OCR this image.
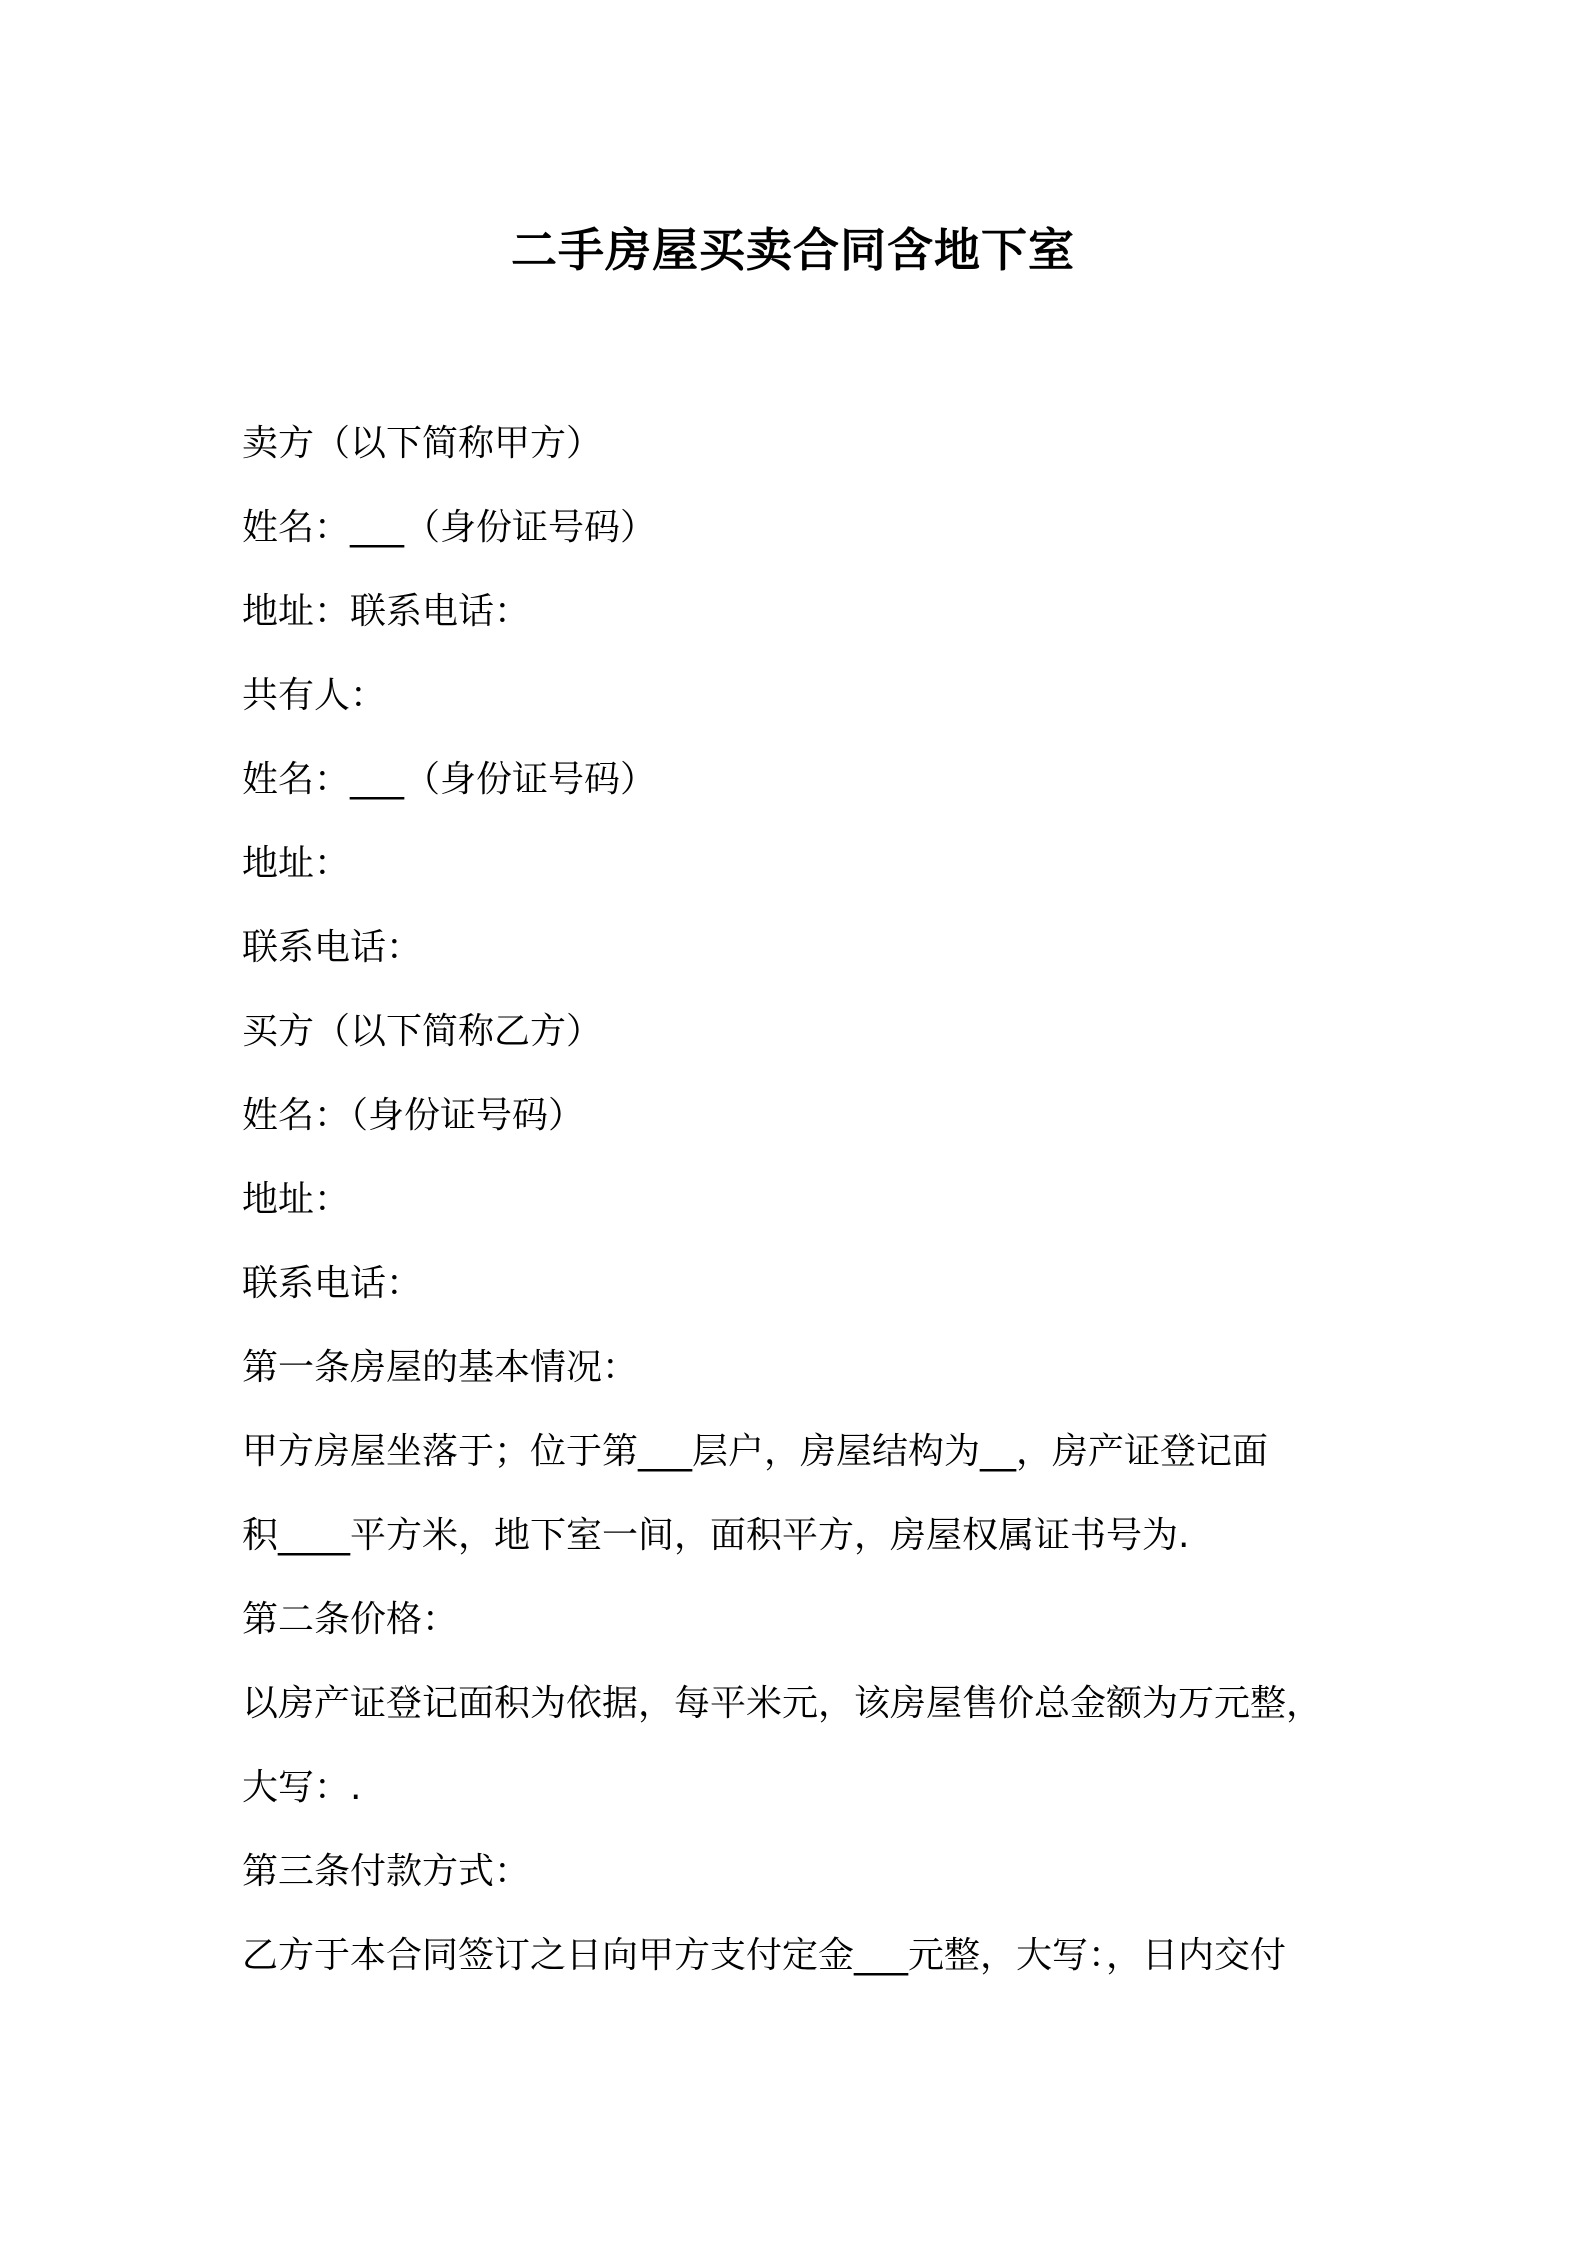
二手房屋买卖合同含地下室
卖方（以下简称甲方）
姓名：___（身份证号码）
地址：联系电话：
共有人：
姓名：___（身份证号码）
地址：
联系电话：
买方（以下简称乙方）
姓名：（身份证号码）
地址：
联系电话：
第一条房屋的基本情况：
甲方房屋坐落于；位于第___层户，房屋结构为__，房产证登记面
积____平方米，地下室一间，面积平方，房屋权属证书号为.
第二条价格：
以房产证登记面积为依据，每平米元，该房屋售价总金额为万元整，
大写：.
第三条付款方式：
乙方于本合同签订之日向甲方支付定金___元整，大写：，日内交付
